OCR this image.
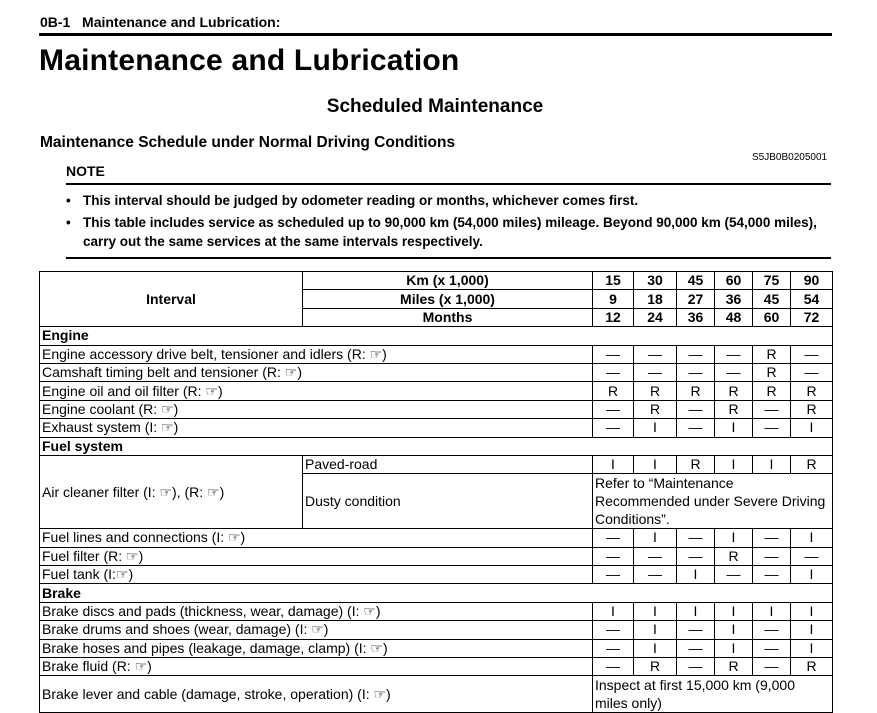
0B-1 Maintenance and Lubrication:
Maintenance and Lubrication
Scheduled Maintenance
Maintenance Schedule under Normal Driving Conditions
S5JB0B0205001
NOTE
• This interval should be judged by odometer reading or months, whichever comes first.
• This table includes service as scheduled up to 90,000 km (54,000 miles) mileage. Beyond 90,000 km (54,000 miles), carry out the same services at the same intervals respectively.
Interval	Km (x 1,000)	15	30	45	60	75	90
	Miles (x 1,000)	9	18	27	36	45	54
	Months	12	24	36	48	60	72
Engine							
Engine accessory drive belt, tensioner and idlers (R: ☞)		—	—	—	—	R	—
Camshaft timing belt and tensioner (R: ☞)		—	—	—	—	R	—
Engine oil and oil filter (R: ☞)		R	R	R	R	R	R
Engine coolant (R: ☞)		—	R	—	R	—	R
Exhaust system (I: ☞)		—	I	—	I	—	I
Fuel system							
Air cleaner filter (I: ☞), (R: ☞)	Paved-road	I	I	R	I	I	R
	Dusty condition	Refer to “Maintenance Recommended under Severe Driving Conditions”.					
Fuel lines and connections (I: ☞)		—	I	—	I	—	I
Fuel filter (R: ☞)		—	—	—	R	—	—
Fuel tank (I:☞)		—	—	I	—	—	I
Brake							
Brake discs and pads (thickness, wear, damage) (I: ☞)		I	I	I	I	I	I
Brake drums and shoes (wear, damage) (I: ☞)		—	I	—	I	—	I
Brake hoses and pipes (leakage, damage, clamp) (I: ☞)		—	I	—	I	—	I
Brake fluid (R: ☞)		—	R	—	R	—	R
Brake lever and cable (damage, stroke, operation) (I: ☞)		Inspect at first 15,000 km (9,000 miles only)					
